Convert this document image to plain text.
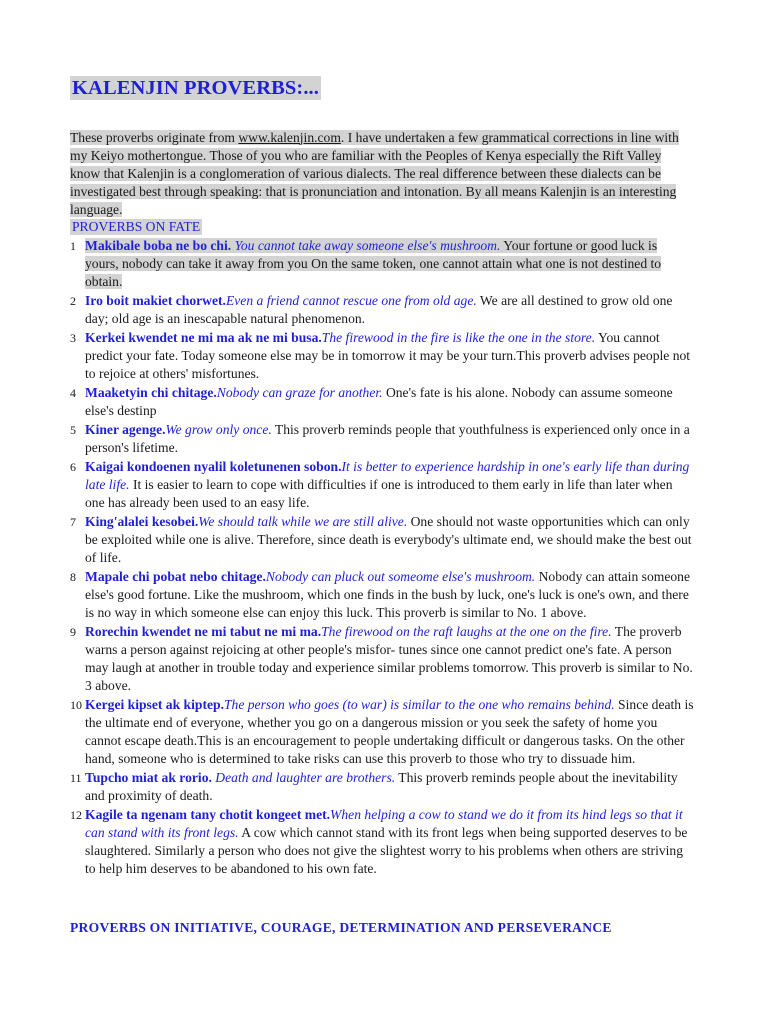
KALENJIN PROVERBS:...

These proverbs originate from www.kalenjin.com. I have undertaken a few grammatical corrections in line with my Keiyo mothertongue. Those of you who are familiar with the Peoples of Kenya especially the Rift Valley know that Kalenjin is a conglomeration of various dialects. The real difference between these dialects can be investigated best through speaking: that is pronunciation and intonation. By all means Kalenjin is an interesting language.

PROVERBS ON FATE
1 Makibale boba ne bo chi. You cannot take away someone else's mushroom. Your fortune or good luck is yours, nobody can take it away from you On the same token, one cannot attain what one is not destined to obtain.
2 Iro boit makiet chorwet.Even a friend cannot rescue one from old age. We are all destined to grow old one day; old age is an inescapable natural phenomenon.
3 Kerkei kwendet ne mi ma ak ne mi busa.The firewood in the fire is like the one in the store. You cannot predict your fate. Today someone else may be in tomorrow it may be your turn.This proverb advises people not to rejoice at others' misfortunes.
4 Maaketyin chi chitage.Nobody can graze for another. One's fate is his alone. Nobody can assume someone else's destinp
5 Kiner agenge.We grow only once. This proverb reminds people that youthfulness is experienced only once in a person's lifetime.
6 Kaigai kondoenen nyalil koletunenen sobon.It is better to experience hardship in one's early life than during late life. It is easier to learn to cope with difficulties if one is introduced to them early in life than later when one has already been used to an easy life.
7 King'alalei kesobei.We should talk while we are still alive. One should not waste opportunities which can only be exploited while one is alive. Therefore, since death is everybody's ultimate end, we should make the best out of life.
8 Mapale chi pobat nebo chitage.Nobody can pluck out someome else's mushroom. Nobody can attain someone else's good fortune. Like the mushroom, which one finds in the bush by luck, one's luck is one's own, and there is no way in which someone else can enjoy this luck. This proverb is similar to No. 1 above.
9 Rorechin kwendet ne mi tabut ne mi ma.The firewood on the raft laughs at the one on the fire. The proverb warns a person against rejoicing at other people's misfor- tunes since one cannot predict one's fate. A person may laugh at another in trouble today and experience similar problems tomorrow. This proverb is similar to No. 3 above.
10 Kergei kipset ak kiptep.The person who goes (to war) is similar to the one who remains behind. Since death is the ultimate end of everyone, whether you go on a dangerous mission or you seek the safety of home you cannot escape death.This is an encouragement to people undertaking difficult or dangerous tasks. On the other hand, someone who is determined to take risks can use this proverb to those who try to dissuade him.
11 Tupcho miat ak rorio. Death and laughter are brothers. This proverb reminds people about the inevitability and proximity of death.
12 Kagile ta ngenam tany chotit kongeet met.When helping a cow to stand we do it from its hind legs so that it can stand with its front legs. A cow which cannot stand with its front legs when being supported deserves to be slaughtered. Similarly a person who does not give the slightest worry to his problems when others are striving to help him deserves to be abandoned to his own fate.
PROVERBS ON INITIATIVE, COURAGE, DETERMINATION AND PERSEVERANCE
